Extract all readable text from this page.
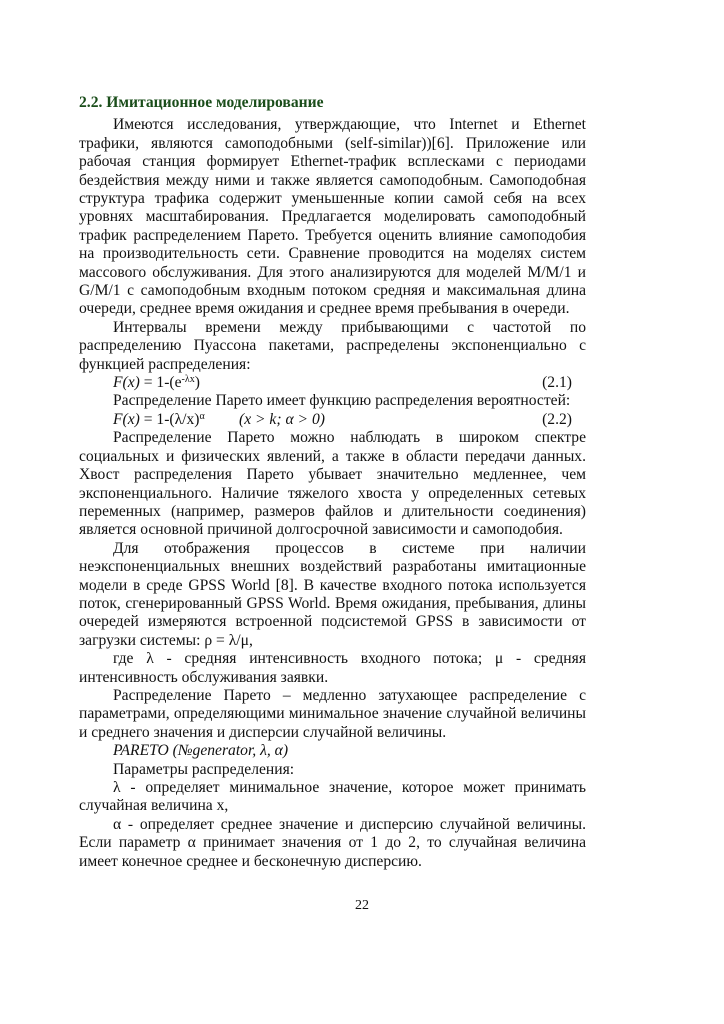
2.2. Имитационное моделирование

Имеются исследования, утверждающие, что Internet и Ethernet трафики, являются самоподобными (self-similar))[6]. Приложение или рабочая станция формирует Ethernet-трафик всплесками с периодами бездействия между ними и также является самоподобным. Самоподобная структура трафика содержит уменьшенные копии самой себя на всех уровнях масштабирования. Предлагается моделировать самоподобный трафик распределением Парето. Требуется оценить влияние самоподобия на производительность сети. Сравнение проводится на моделях систем массового обслуживания. Для этого анализируются для моделей M/M/1 и G/M/1 с самоподобным входным потоком средняя и максимальная длина очереди, среднее время ожидания и среднее время пребывания в очереди.

Интервалы времени между прибывающими с частотой по распределению Пуассона пакетами, распределены экспоненциально с функцией распределения:

$F(x) = 1-(e^{-\lambda x})$	(2.1)

Распределение Парето имеет функцию распределения вероятностей:

$F(x) = 1-(\lambda/x)^\alpha$ (x > k; α > 0)	(2.2)

Распределение Парето можно наблюдать в широком спектре социальных и физических явлений, а также в области передачи данных. Хвост распределения Парето убывает значительно медленнее, чем экспоненциального. Наличие тяжелого хвоста у определенных сетевых переменных (например, размеров файлов и длительности соединения) является основной причиной долгосрочной зависимости и самоподобия.

Для отображения процессов в системе при наличии неэкспоненциальных внешних воздействий разработаны имитационные модели в среде GPSS World [8]. В качестве входного потока используется поток, сгенерированный GPSS World. Время ожидания, пребывания, длины очередей измеряются встроенной подсистемой GPSS в зависимости от загрузки системы: ρ = λ/μ,

где λ - средняя интенсивность входного потока; μ - средняя интенсивность обслуживания заявки.

Распределение Парето – медленно затухающее распределение с параметрами, определяющими минимальное значение случайной величины и среднего значения и дисперсии случайной величины.

PARETO (№generator, λ, α)

Параметры распределения:

λ - определяет минимальное значение, которое может принимать случайная величина x,

α - определяет среднее значение и дисперсию случайной величины. Если параметр α принимает значения от 1 до 2, то случайная величина имеет конечное среднее и бесконечную дисперсию.

22
